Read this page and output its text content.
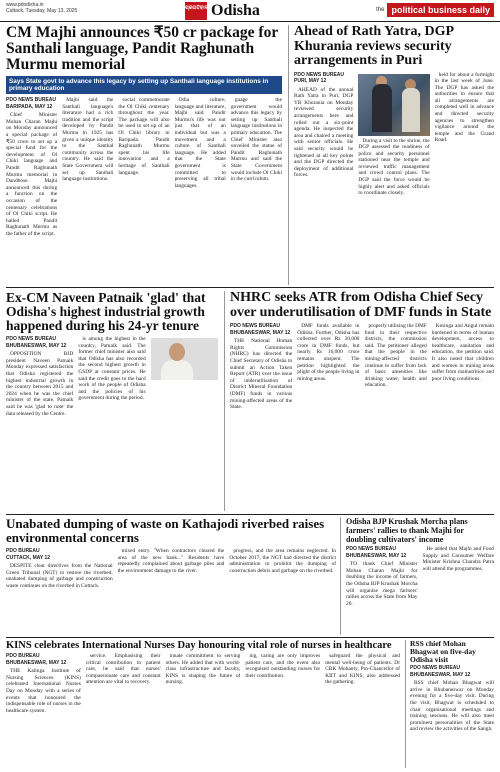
www.pdodisha.in
Cuttack, Tuesday, May 13, 2025	ପ୍ରଗତିବାଦୀ Odisha	the political business daily
CM Majhi announces ₹50 cr package for Santhali language, Pandit Raghunath Murmu memorial
Says State govt to advance this legacy by setting up Santhali language institutions in primary education
PDO NEWS BUREAU
BARIPADA, MAY 12

Chief Minister Mohan Charan Majhi on Monday announced a special package of ₹50 crore to set up a special fund for the development of Ol Chiki language and Pandit Raghunath Murmu memorial in Dandbose. Majhi announced this during a function on the occasion of the centenary celebrations of Ol Chiki script. He hailed Pandit Raghunath Murmu as the father of the script.

Majhi said the Santhali language's literature had a rich tradition and the script developed by Pandit Murmu in 1925 has given a unique identity to the Santhal community across the country. He said the State Government will set up Santhali language institutions.

social commemorate the Ol Chiki centenary throughout the year. The package will also be used to set up of an Ol Chiki library in Baripada. Pandit Raghunath Murmu spent his life innovation and a heritage of Santhali language.

Odia culture, language and literature, Majhi said. Pandit Murmu's life was not just that of an individual but was a movement and a culture of Santhali language. He added that the State government is committed to preserving all tribal languages.

guage the government would advance this legacy by setting up Santhali language institutions in primary education. The Chief Minister also unveiled the statue of Pandit Raghunath Murmu and said the State Government would include Ol Chiki in the curriculum.

Ahead of Rath Yatra, DGP Khurania reviews security arrangements in Puri
PDO NEWS BUREAU
PURI, MAY 12

AHEAD of the annual Rath Yatra in Puri, DGP YB Khurania on Monday reviewed security arrangements here and rolled out a six-point agenda. He inspected the area and chaired a meeting with senior officials. He said security would be tightened at all key points and the DGP directed the deployment of additional forces.

During a visit to the shrine, the DGP assessed the readiness of police and security personnel stationed near the temple and reviewed traffic management and crowd control plans. The DGP said the force would be highly alert and asked officials to coordinate closely.

held for about a fortnight in the last week of June. The DGP has asked the authorities to ensure that all arrangements are completed well in advance and directed security agencies to strengthen vigilance around the temple and the Grand Road.

Ex-CM Naveen Patnaik 'glad' that Odisha's highest industrial growth happened during his 24-yr tenure
PDO NEWS BUREAU
BHUBANESWAR, MAY 12

OPPOSITION BJD president Naveen Patnaik Monday expressed satisfaction that Odisha registered the highest industrial growth in the country between 2015 and 2024 when he was the chief minister of the state. Patnaik said he was 'glad to note' the data released by the Centre.

is among the highest in the country, Patnaik said. The former chief minister also said that Odisha has also recorded the second highest growth in GSDP at constant prices. He said the credit goes to the hard work of the people of Odisha and the policies of his government during the period.

NHRC seeks ATR from Odisha Chief Secy over underutilisation of DMF funds in State
PDO NEWS BUREAU
BHUBANESWAR, MAY 12

THE National Human Rights Commission (NHRC) has directed the Chief Secretary of Odisha to submit an Action Taken Report (ATR) over the issue of underutilisation of District Mineral Foundation (DMF) funds in various mining-affected areas of the State.

DMF funds available in Odisha. Further, Odisha has collected over Rs 30,000 crore in DMF funds, but nearly Rs 16,000 crore remains unspent. The petition highlighted the plight of the people living in mining areas.

properly utilising the DMF fund in their respective districts, the commission said. The petitioner alleged that the people in the mining-affected districts continue to suffer from lack of basic amenities like drinking water, health and education.

Kesinga and Angul remain burdened in terms of human development, access to healthcare, sanitation and education, the petition said. It also noted that children and women in mining areas suffer from malnutrition and poor living conditions.

Unabated dumping of waste on Kathajodi riverbed raises environmental concerns
PDO BUREAU
CUTTACK, MAY 12

DESPITE clear directives from the National Green Tribunal (NGT) to restore the riverbed, unabated dumping of garbage and construction waste continues on the riverbed in Cuttack.

mixed entry. "When contractors cleared the area of the new bank..." Residents have repeatedly complained about garbage piles and the environment damage to the river.

progress, and the area remains neglected. In October 2017, the NGT had directed the district administration to prohibit the dumping of construction debris and garbage on the riverbed.

Odisha BJP Krushak Morcha plans farmers' rallies to thank Majhi for doubling cultivators' income
PDO NEWS BUREAU
BHUBANESWAR, MAY 12

TO thank Chief Minister Mohan Charan Majhi for doubling the income of farmers, the Odisha BJP Krushak Morcha will organise mega farmers' rallies across the State from May 20.

He added that Majhi and Food Supply and Consumer Welfare Minister Krishna Chandra Patra will attend the programmes.

KINS celebrates International Nurses Day honouring vital role of nurses in healthcare
PDO BUREAU
BHUBANESWAR, MAY 12

THE Kalinga Institute of Nursing Sciences (KINS) celebrated International Nurses Day on Monday with a series of events that honoured the indispensable role of nurses in the healthcare system.

service. Emphasising their critical contribution to patient care, he said that nurses' compassionate care and constant attention are vital to recovery.

innate commitment to serving others. He added that with world-class infrastructure and faculty, KINS is shaping the future of nursing.

ing, caring are only improves patient care, and the event also recognised outstanding nurses for their contribution.

safeguard the physical and mental well-being of patients. Dr CBK Mohanty, Pro-Chancellor of KIIT and KINS, also addressed the gathering.

RSS chief Mohan Bhagwat on five-day Odisha visit
PDO NEWS BUREAU
BHUBANESWAR, MAY 12

RSS chief Mohan Bhagwat will arrive in Bhubaneswar on Monday evening for a five-day visit. During the visit, Bhagwat is scheduled to chair organisational meetings and training sessions. He will also meet prominent personalities of the State and review the activities of the Sangh.
